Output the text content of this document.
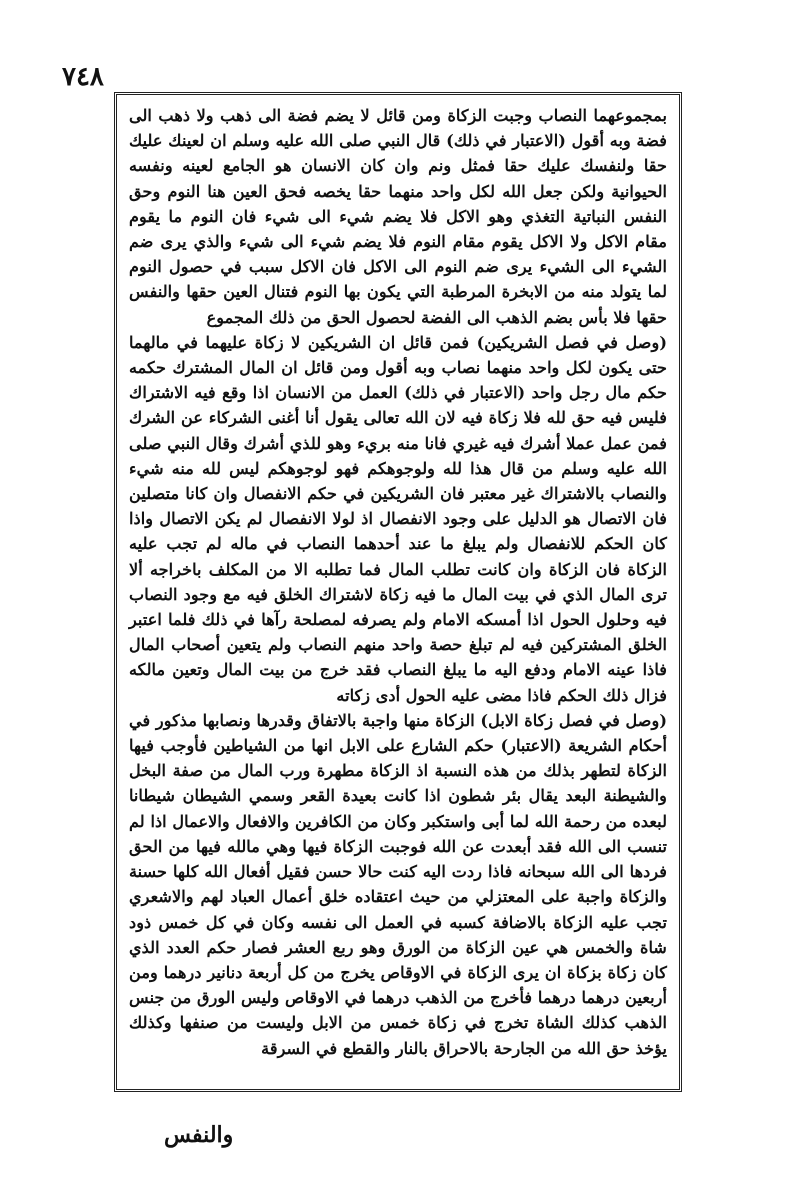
٧٤٨

بمجموعهما النصاب وجبت الزكاة ومن قائل لا يضم فضة الى ذهب ولا ذهب الى فضة وبه أقول (الاعتبار في ذلك) قال النبي صلى الله عليه وسلم ان لعينك عليك حقا ولنفسك عليك حقا فمثل ونم وان كان الانسان هو الجامع لعينه ونفسه الحيوانية ولكن جعل الله لكل واحد منهما حقا يخصه فحق العين هنا النوم وحق النفس النباتية التغذي وهو الاكل فلا يضم شيء الى شيء فان النوم ما يقوم مقام الاكل ولا الاكل يقوم مقام النوم فلا يضم شيء الى شيء والذي يرى ضم الشيء الى الشيء يرى ضم النوم الى الاكل فان الاكل سبب في حصول النوم لما يتولد منه من الابخرة المرطبة التي يكون بها النوم فتنال العين حقها والنفس حقها فلا بأس بضم الذهب الى الفضة لحصول الحق من ذلك المجموع

(وصل في فصل الشريكين) فمن قائل ان الشريكين لا زكاة عليهما في مالهما حتى يكون لكل واحد منهما نصاب وبه أقول ومن قائل ان المال المشترك حكمه حكم مال رجل واحد (الاعتبار في ذلك) العمل من الانسان اذا وقع فيه الاشتراك فليس فيه حق لله فلا زكاة فيه لان الله تعالى يقول أنا أغنى الشركاء عن الشرك فمن عمل عملا أشرك فيه غيري فانا منه بريء وهو للذي أشرك وقال النبي صلى الله عليه وسلم من قال هذا لله ولوجوهكم فهو لوجوهكم ليس لله منه شيء والنصاب بالاشتراك غير معتبر فان الشريكين في حكم الانفصال وان كانا متصلين فان الاتصال هو الدليل على وجود الانفصال اذ لولا الانفصال لم يكن الاتصال واذا كان الحكم للانفصال ولم يبلغ ما عند أحدهما النصاب في ماله لم تجب عليه الزكاة فان الزكاة وان كانت تطلب المال فما تطلبه الا من المكلف باخراجه ألا ترى المال الذي في بيت المال ما فيه زكاة لاشتراك الخلق فيه مع وجود النصاب فيه وحلول الحول اذا أمسكه الامام ولم يصرفه لمصلحة رآها في ذلك فلما اعتبر الخلق المشتركين فيه لم تبلغ حصة واحد منهم النصاب ولم يتعين أصحاب المال فاذا عينه الامام ودفع اليه ما يبلغ النصاب فقد خرج من بيت المال وتعين مالكه فزال ذلك الحكم فاذا مضى عليه الحول أدى زكاته

(وصل في فصل زكاة الابل) الزكاة منها واجبة بالاتفاق وقدرها ونصابها مذكور في أحكام الشريعة (الاعتبار) حكم الشارع على الابل انها من الشياطين فأوجب فيها الزكاة لتطهر بذلك من هذه النسبة اذ الزكاة مطهرة ورب المال من صفة البخل والشيطنة البعد يقال بئر شطون اذا كانت بعيدة القعر وسمي الشيطان شيطانا لبعده من رحمة الله لما أبى واستكبر وكان من الكافرين والافعال والاعمال اذا لم تنسب الى الله فقد أبعدت عن الله فوجبت الزكاة فيها وهي مالله فيها من الحق فردها الى الله سبحانه فاذا ردت اليه كنت حالا حسن فقيل أفعال الله كلها حسنة والزكاة واجبة على المعتزلي من حيث اعتقاده خلق أعمال العباد لهم والاشعري تجب عليه الزكاة بالاضافة كسبه في العمل الى نفسه وكان في كل خمس ذود شاة والخمس هي عين الزكاة من الورق وهو ربع العشر فصار حكم العدد الذي كان زكاة بزكاة ان يرى الزكاة في الاوقاص يخرج من كل أربعة دنانير درهما ومن أربعين درهما درهما فأخرج من الذهب درهما في الاوقاص وليس الورق من جنس الذهب كذلك الشاة تخرج في زكاة خمس من الابل وليست من صنفها وكذلك يؤخذ حق الله من الجارحة بالاحراق بالنار والقطع في السرقة

والنفس
